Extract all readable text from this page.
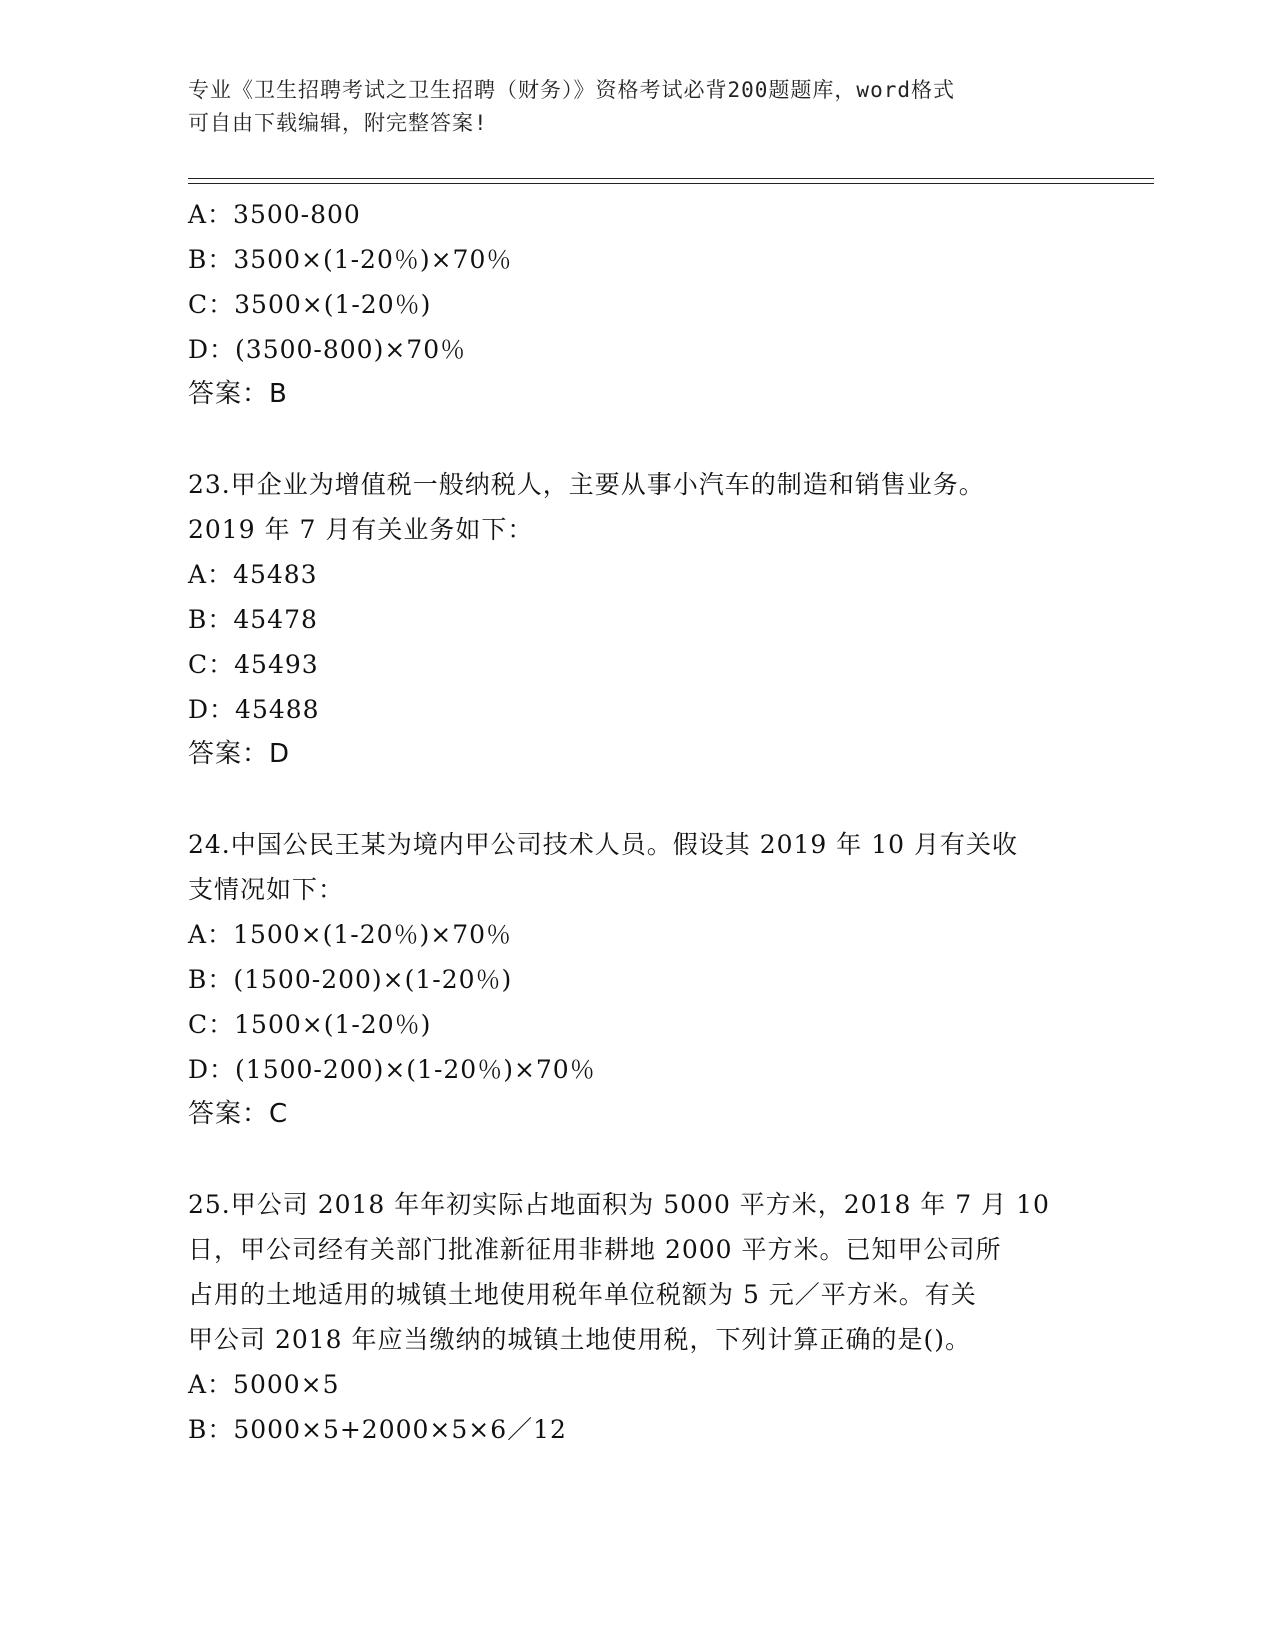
专业《卫生招聘考试之卫生招聘（财务）》资格考试必背200题题库，word格式
可自由下载编辑，附完整答案!
A：3500-800
B：3500×(1-20％)×70％
C：3500×(1-20％)
D：(3500-800)×70％
答案：B
23.甲企业为增值税一般纳税人，主要从事小汽车的制造和销售业务。
2019 年 7 月有关业务如下：
A：45483
B：45478
C：45493
D：45488
答案：D
24.中国公民王某为境内甲公司技术人员。假设其 2019 年 10 月有关收
支情况如下：
A：1500×(1-20％)×70％
B：(1500-200)×(1-20％)
C：1500×(1-20％)
D：(1500-200)×(1-20％)×70％
答案：C
25.甲公司 2018 年年初实际占地面积为 5000 平方米，2018 年 7 月 10
日，甲公司经有关部门批准新征用非耕地 2000 平方米。已知甲公司所
占用的土地适用的城镇土地使用税年单位税额为 5 元／平方米。有关
甲公司 2018 年应当缴纳的城镇土地使用税，下列计算正确的是()。
A：5000×5
B：5000×5+2000×5×6／12
